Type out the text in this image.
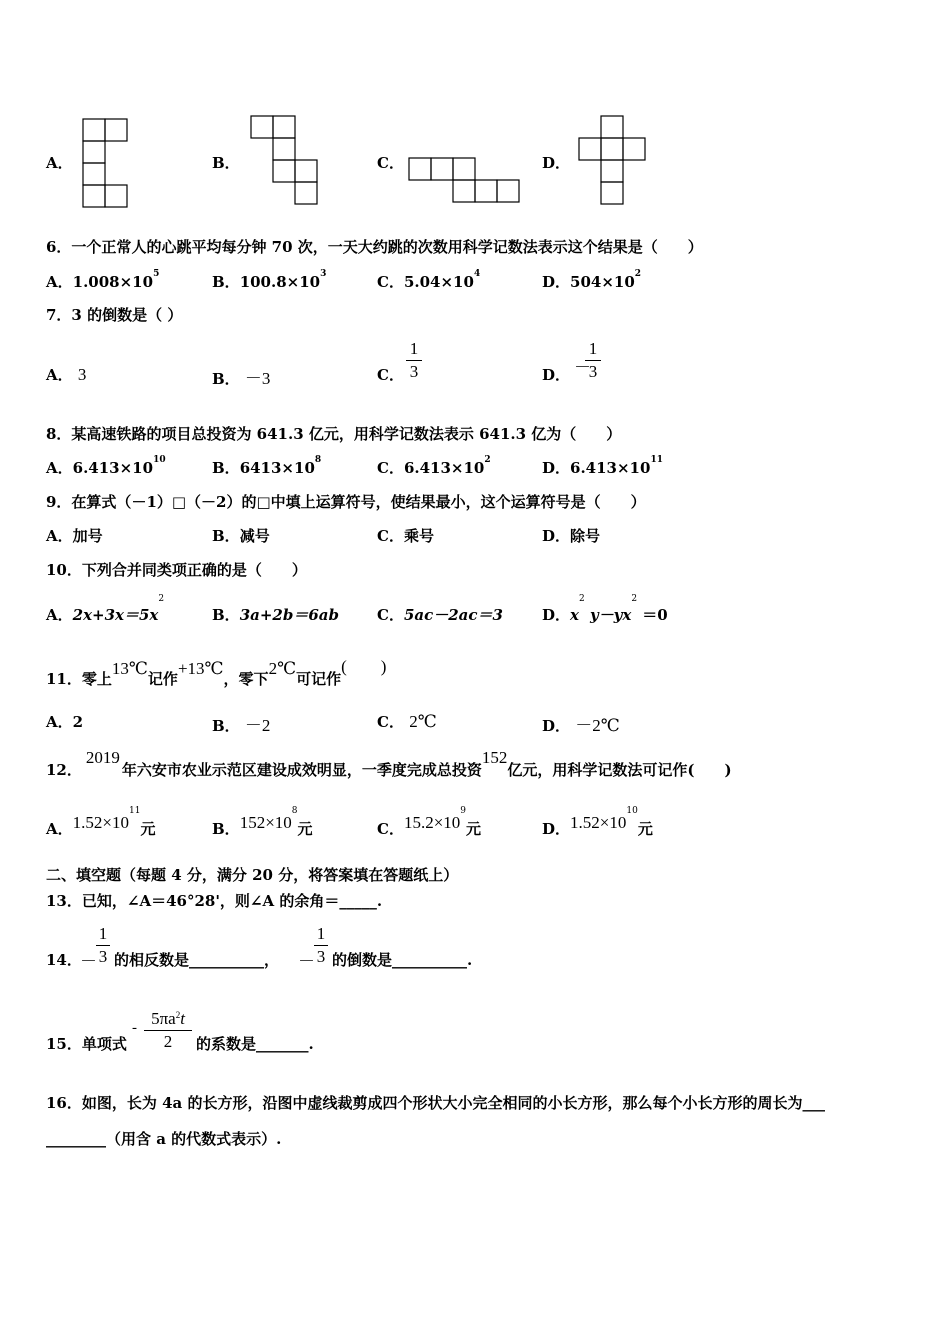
A．	B．	C．	D．
6．一个正常人的心跳平均每分钟 70 次，一天大约跳的次数用科学记数法表示这个结果是（　　）
A．$1.008\times 10^5$	B．$100.8\times 10^3$	C．$5.04\times 10^4$	D．$504\times 10^2$
7．3 的倒数是（ ）
A． 3	B． －3	C．
1
3	D． －
1
3
8．某高速铁路的项目总投资为 641.3 亿元，用科学记数法表示 641.3 亿为（　　）
A．$6.413\times 10^{10}$	B．$6413\times 10^8$	C．$6.413\times 10^2$	D．$6.413\times 10^{11}$
9．在算式（－1）□（－2）的□中填上运算符号，使结果最小，这个运算符号是（　　）
A．加号	B．减号	C．乘号	D．除号
10．下列合并同类项正确的是（　　）
A．$2x+3x=5x^2$
B．3a+2b＝6ab	C．5ac－2ac＝3	D．$x^2$ $y-yx^2 =0$
11．零上13℃记作+13℃，零下2℃可记作(　　)
A．2	B． －2	C． 2℃	D． －2℃
12．2019年六安市农业示范区建设成效明显，一季度完成总投资152亿元，用科学记数法可记作(　　)
A．$1.52\times 10^{11}$元	B．$152\times 10^8$元	C．$15.2\times 10^9$元	D．$1.52\times 10^{10}$元
二、填空题（每题 4 分，满分 20 分，将答案填在答题纸上）
13．已知，∠A＝46°28'，则∠A 的余角＝_____.
14．
－
1
3 的相反数是__________， －
1
3 的倒数是__________.
15．单项式
- $5\pi a^2t$
2	的系数是_______.
16．如图，长为 4a 的长方形，沿图中虚线裁剪成四个形状大小完全相同的小长方形，那么每个小长方形的周长为___
________（用含 a 的代数式表示）.
